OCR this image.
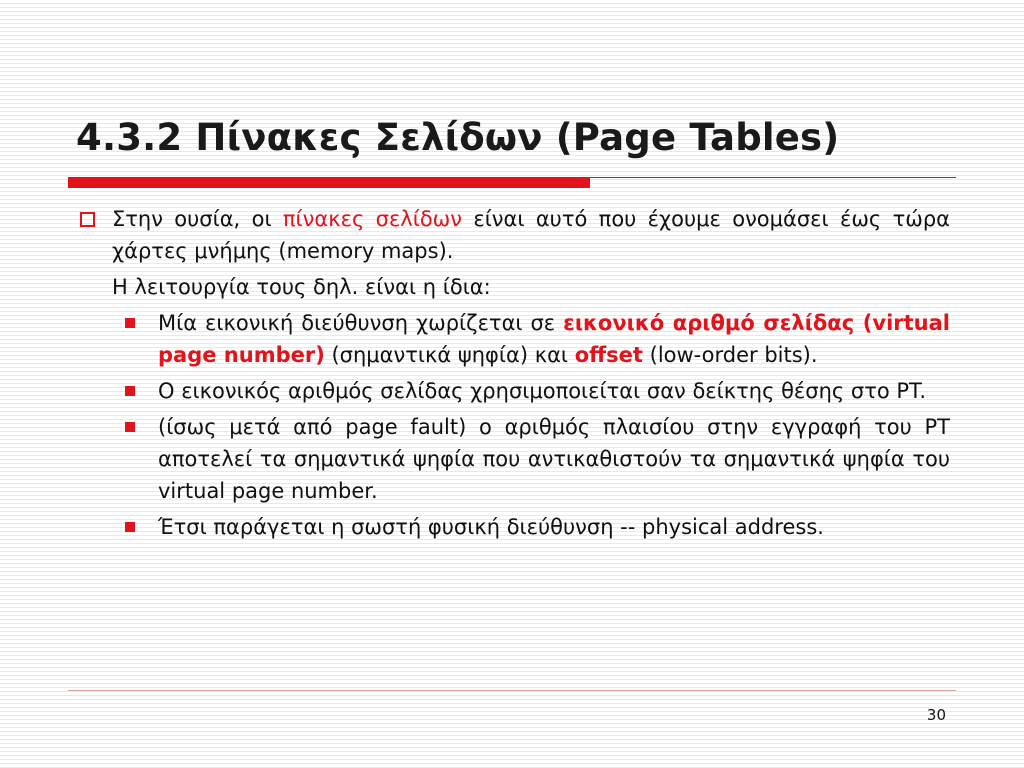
4.3.2 Πίνακες Σελίδων (Page Tables)
Στην ουσία, οι πίνακες σελίδων είναι αυτό που έχουμε ονομάσει έως τώρα χάρτες μνήμης (memory maps).
Η λειτουργία τους δηλ. είναι η ίδια:
Μία εικονική διεύθυνση χωρίζεται σε εικονικό αριθμό σελίδας (virtual page number) (σημαντικά ψηφία) και offset (low-order bits).
Ο εικονικός αριθμός σελίδας χρησιμοποιείται σαν δείκτης θέσης στο PT.
(ίσως μετά από page fault) ο αριθμός πλαισίου στην εγγραφή του PT αποτελεί τα σημαντικά ψηφία που αντικαθιστούν τα σημαντικά ψηφία του virtual page number.
Έτσι παράγεται η σωστή φυσική διεύθυνση -- physical address.
30
